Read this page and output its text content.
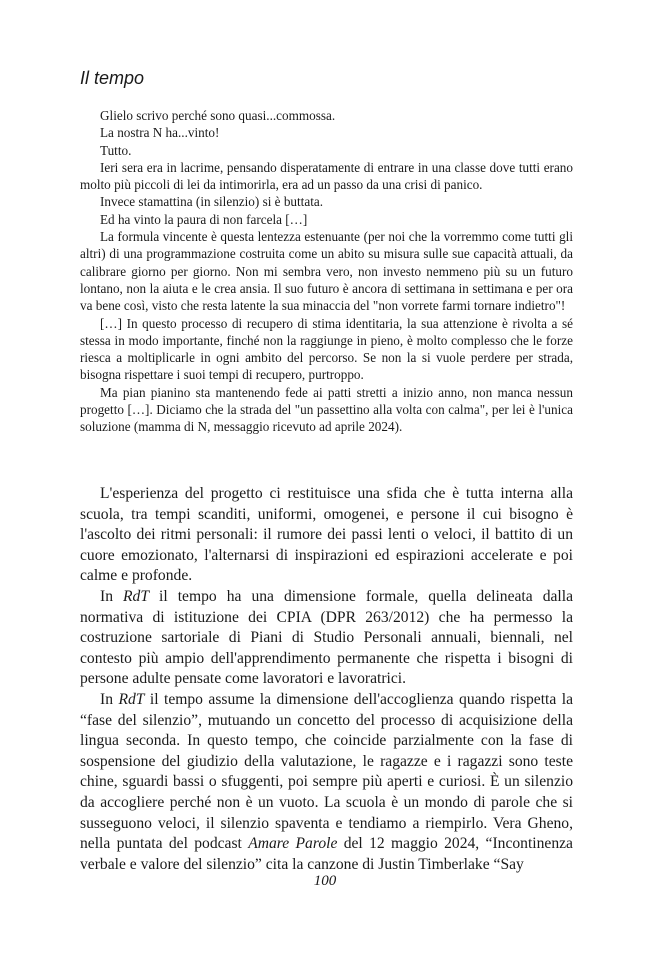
Il tempo

Glielo scrivo perché sono quasi...commossa.

La nostra N ha...vinto!

Tutto.

Ieri sera era in lacrime, pensando disperatamente di entrare in una classe dove tutti erano molto più piccoli di lei da intimorirla, era ad un passo da una crisi di panico.

Invece stamattina (in silenzio) si è buttata.

Ed ha vinto la paura di non farcela […]

La formula vincente è questa lentezza estenuante (per noi che la vorremmo come tutti gli altri) di una programmazione costruita come un abito su misura sulle sue capacità attuali, da calibrare giorno per giorno. Non mi sembra vero, non investo nemmeno più su un futuro lontano, non la aiuta e le crea ansia. Il suo futuro è ancora di settimana in settimana e per ora va bene così, visto che resta latente la sua minaccia del "non vorrete farmi tornare indietro"!

[…] In questo processo di recupero di stima identitaria, la sua attenzione è rivolta a sé stessa in modo importante, finché non la raggiunge in pieno, è molto complesso che le forze riesca a moltiplicarle in ogni ambito del percorso. Se non la si vuole perdere per strada, bisogna rispettare i suoi tempi di recupero, purtroppo.

Ma pian pianino sta mantenendo fede ai patti stretti a inizio anno, non manca nessun progetto […]. Diciamo che la strada del "un passettino alla volta con calma", per lei è l'unica soluzione (mamma di N, messaggio ricevuto ad aprile 2024).

L'esperienza del progetto ci restituisce una sfida che è tutta interna alla scuola, tra tempi scanditi, uniformi, omogenei, e persone il cui bisogno è l'ascolto dei ritmi personali: il rumore dei passi lenti o veloci, il battito di un cuore emozionato, l'alternarsi di inspirazioni ed espirazioni accelerate e poi calme e profonde.

In RdT il tempo ha una dimensione formale, quella delineata dalla normativa di istituzione dei CPIA (DPR 263/2012) che ha permesso la costruzione sartoriale di Piani di Studio Personali annuali, biennali, nel contesto più ampio dell'apprendimento permanente che rispetta i bisogni di persone adulte pensate come lavoratori e lavoratrici.

In RdT il tempo assume la dimensione dell'accoglienza quando rispetta la “fase del silenzio”, mutuando un concetto del processo di acquisizione della lingua seconda. In questo tempo, che coincide parzialmente con la fase di sospensione del giudizio della valutazione, le ragazze e i ragazzi sono teste chine, sguardi bassi o sfuggenti, poi sempre più aperti e curiosi. È un silenzio da accogliere perché non è un vuoto. La scuola è un mondo di parole che si susseguono veloci, il silenzio spaventa e tendiamo a riempirlo. Vera Gheno, nella puntata del podcast Amare Parole del 12 maggio 2024, “Incontinenza verbale e valore del silenzio” cita la canzone di Justin Timberlake “Say

100
